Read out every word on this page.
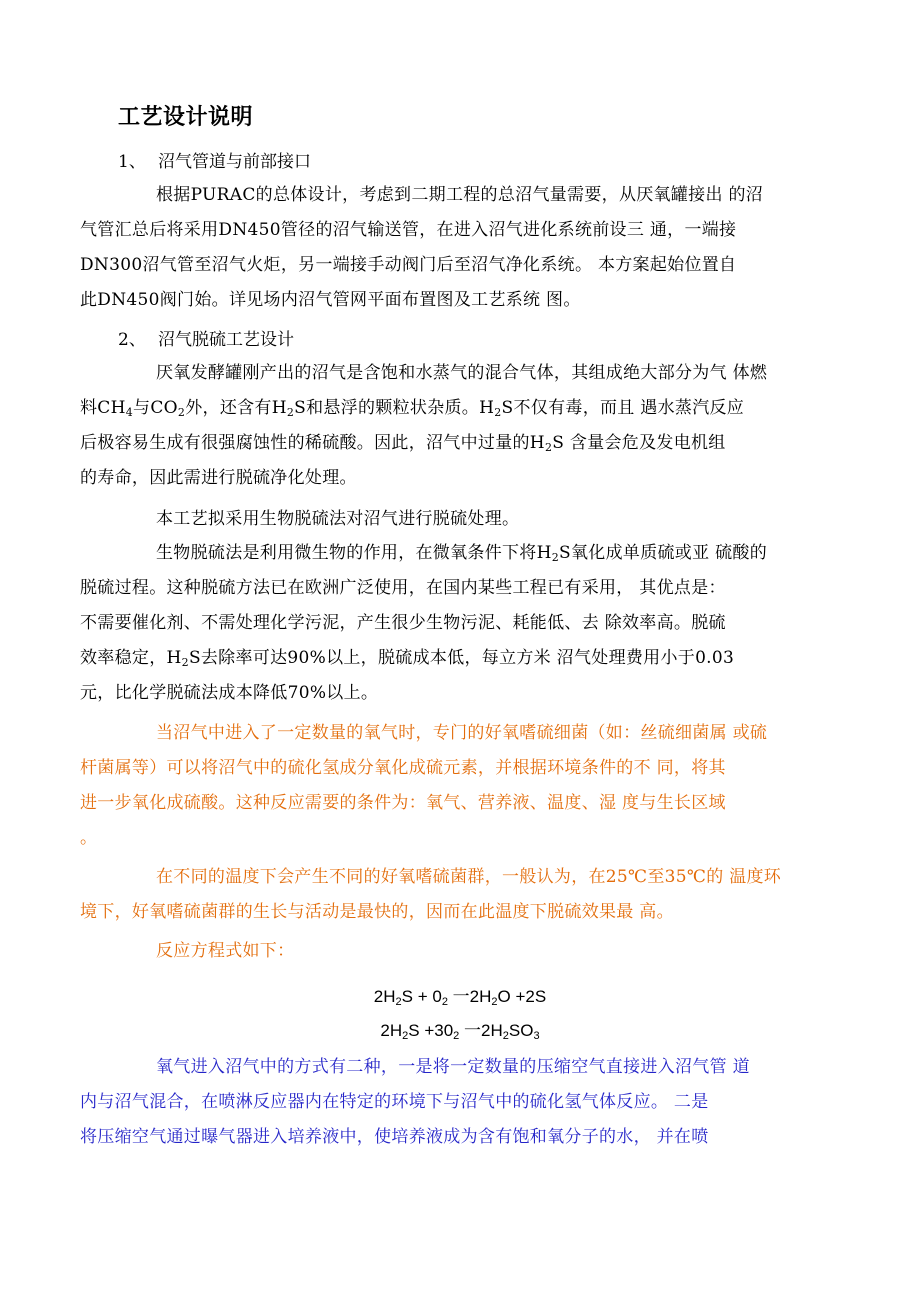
工艺设计说明
1、 沼气管道与前部接口
根据PURAC的总体设计，考虑到二期工程的总沼气量需要，从厌氧罐接出 的沼
气管汇总后将采用DN450管径的沼气输送管，在进入沼气进化系统前设三 通，一端接
DN300沼气管至沼气火炬，另一端接手动阀门后至沼气净化系统。 本方案起始位置自
此DN450阀门始。详见场内沼气管网平面布置图及工艺系统 图。
2、 沼气脱硫工艺设计
厌氧发酵罐刚产出的沼气是含饱和水蒸气的混合气体，其组成绝大部分为气 体燃
料$CH_4$与$CO_2$外，还含有$H_2S$和悬浮的颗粒状杂质。$H_2S$不仅有毒，而且 遇水蒸汽反应
后极容易生成有很强腐蚀性的稀硫酸。因此，沼气中过量的$H_2S$ 含量会危及发电机组
的寿命，因此需进行脱硫净化处理。
本工艺拟采用生物脱硫法对沼气进行脱硫处理。
生物脱硫法是利用微生物的作用，在微氧条件下将$H_2S$氧化成单质硫或亚 硫酸的
脱硫过程。这种脱硫方法已在欧洲广泛使用，在国内某些工程已有采用， 其优点是：
不需要催化剂、不需处理化学污泥，产生很少生物污泥、耗能低、去 除效率高。脱硫
效率稳定，$H_2S$去除率可达90%以上，脱硫成本低，每立方米 沼气处理费用小于0.03
元，比化学脱硫法成本降低70%以上。
当沼气中进入了一定数量的氧气时，专门的好氧嗜硫细菌（如：丝硫细菌属 或硫
杆菌属等）可以将沼气中的硫化氢成分氧化成硫元素，并根据环境条件的不 同，将其
进一步氧化成硫酸。这种反应需要的条件为：氧气、营养液、温度、湿 度与生长区域
。
在不同的温度下会产生不同的好氧嗜硫菌群，一般认为，在25℃至35℃的 温度环
境下，好氧嗜硫菌群的生长与活动是最快的，因而在此温度下脱硫效果最 高。
反应方程式如下：
$2H_2S + 0_2$ 一$2H_2O +2S$
$2H_2S +30_2$ 一$2H_2SO_3$
氧气进入沼气中的方式有二种，一是将一定数量的压缩空气直接进入沼气管 道
内与沼气混合，在喷淋反应器内在特定的环境下与沼气中的硫化氢气体反应。 二是
将压缩空气通过曝气器进入培养液中，使培养液成为含有饱和氧分子的水， 并在喷
